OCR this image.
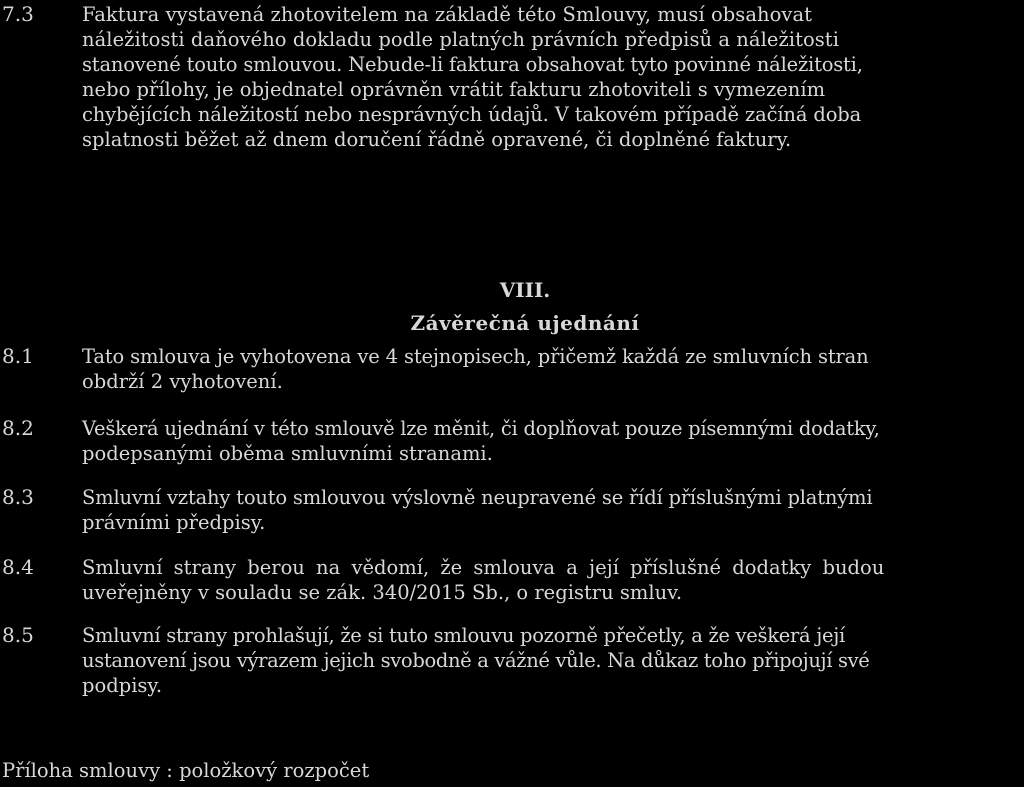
7.3 Faktura vystavená zhotovitelem na základě této Smlouvy, musí obsahovat
náležitosti daňového dokladu podle platných právních předpisů a náležitosti
stanovené touto smlouvou. Nebude-li faktura obsahovat tyto povinné náležitosti,
nebo přílohy, je objednatel oprávněn vrátit fakturu zhotoviteli s vymezením
chybějících náležitostí nebo nesprávných údajů. V takovém případě začíná doba
splatnosti běžet až dnem doručení řádně opravené, či doplněné faktury.
VIII.
Závěrečná ujednání
8.1 Tato smlouva je vyhotovena ve 4 stejnopisech, přičemž každá ze smluvních stran
obdrží 2 vyhotovení.
8.2 Veškerá ujednání v této smlouvě lze měnit, či doplňovat pouze písemnými dodatky,
podepsanými oběma smluvními stranami.
8.3 Smluvní vztahy touto smlouvou výslovně neupravené se řídí příslušnými platnými
právními předpisy.
8.4 Smluvní strany berou na vědomí, že smlouva a její příslušné dodatky budou
uveřejněny v souladu se zák. 340/2015 Sb., o registru smluv.
8.5 Smluvní strany prohlašují, že si tuto smlouvu pozorně přečetly, a že veškerá její
ustanovení jsou výrazem jejich svobodně a vážné vůle. Na důkaz toho připojují své
podpisy.
Příloha smlouvy : položkový rozpočet
